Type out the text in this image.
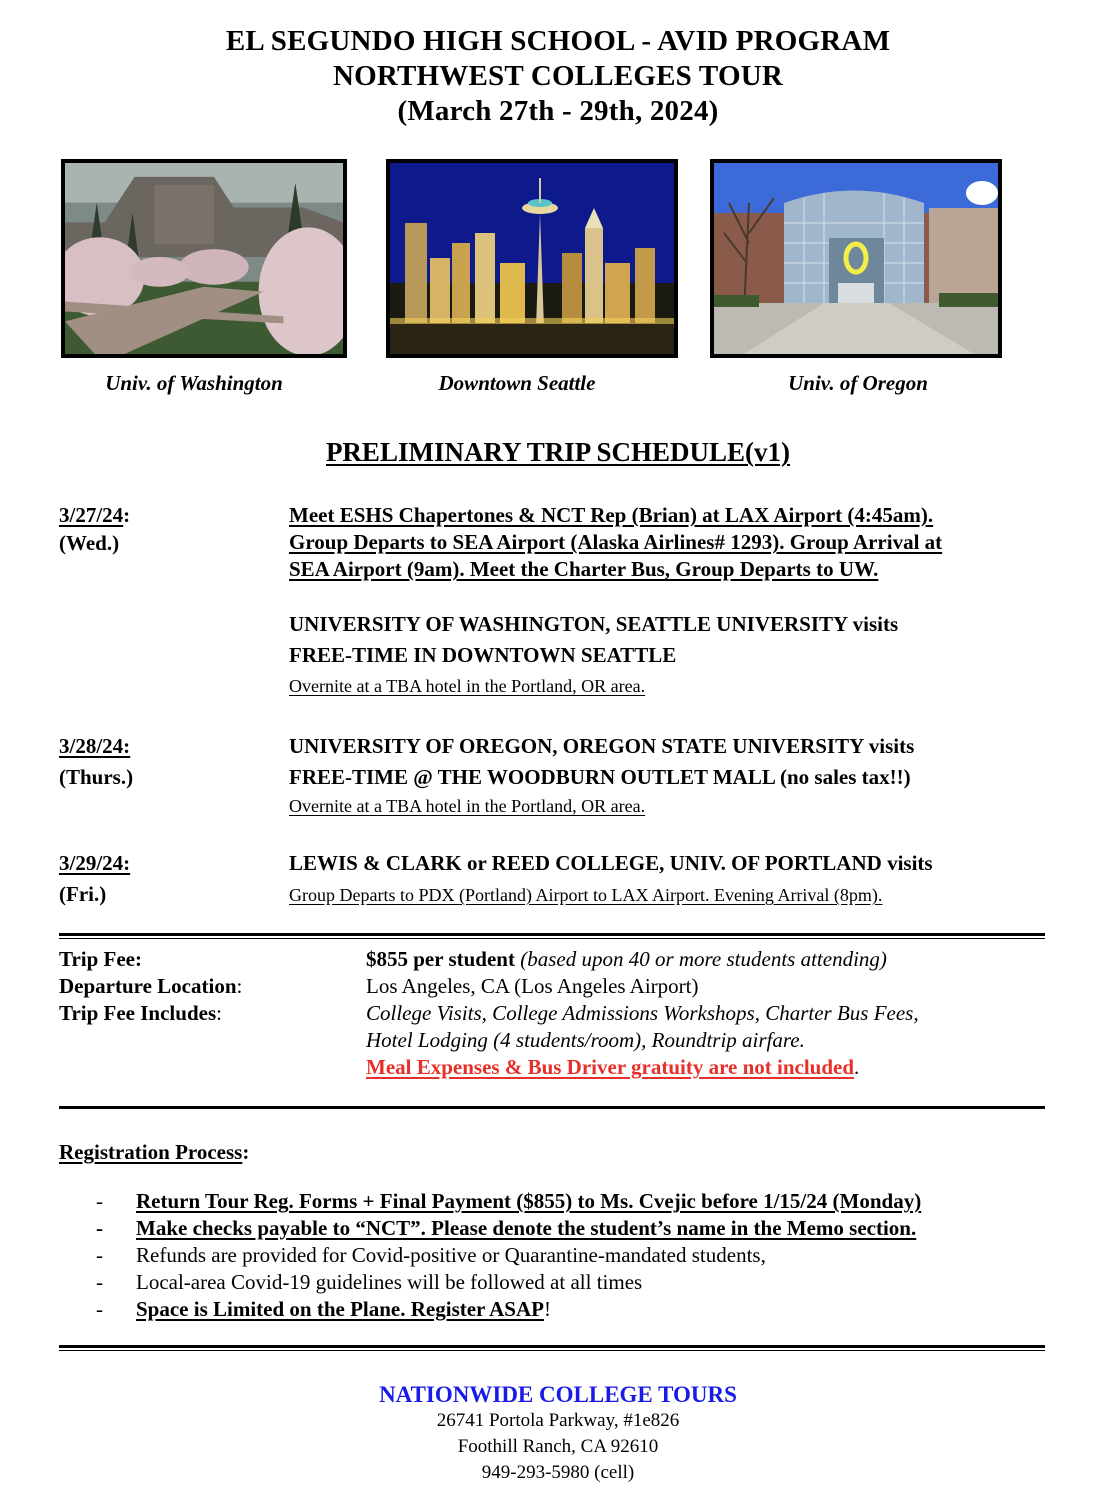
EL SEGUNDO HIGH SCHOOL - AVID PROGRAM
NORTHWEST COLLEGES TOUR
(March 27th - 29th, 2024)
Univ. of Washington	Downtown Seattle	Univ. of Oregon
PRELIMINARY TRIP SCHEDULE(v1)
3/27/24:
(Wed.)
Meet ESHS Chapertones & NCT Rep (Brian) at LAX Airport (4:45am).
Group Departs to SEA Airport (Alaska Airlines# 1293). Group Arrival at
SEA Airport (9am). Meet the Charter Bus, Group Departs to UW.
UNIVERSITY OF WASHINGTON, SEATTLE UNIVERSITY visits
FREE-TIME IN DOWNTOWN SEATTLE
Overnite at a TBA hotel in the Portland, OR area.
3/28/24:
(Thurs.)
UNIVERSITY OF OREGON, OREGON STATE UNIVERSITY visits
FREE-TIME @ THE WOODBURN OUTLET MALL (no sales tax!!)
Overnite at a TBA hotel in the Portland, OR area.
3/29/24:
(Fri.)
LEWIS & CLARK or REED COLLEGE, UNIV. OF PORTLAND visits
Group Departs to PDX (Portland) Airport to LAX Airport. Evening Arrival (8pm).
Trip Fee:	$855 per student (based upon 40 or more students attending)
Departure Location:	Los Angeles, CA (Los Angeles Airport)
Trip Fee Includes:	College Visits, College Admissions Workshops, Charter Bus Fees,
Hotel Lodging (4 students/room), Roundtrip airfare.
Meal Expenses & Bus Driver gratuity are not included.
Registration Process:
- Return Tour Reg. Forms + Final Payment ($855) to Ms. Cvejic before 1/15/24 (Monday)
- Make checks payable to “NCT”. Please denote the student’s name in the Memo section.
- Refunds are provided for Covid-positive or Quarantine-mandated students,
- Local-area Covid-19 guidelines will be followed at all times
- Space is Limited on the Plane. Register ASAP!
NATIONWIDE COLLEGE TOURS
26741 Portola Parkway, #1e826
Foothill Ranch, CA 92610
949-293-5980 (cell)
